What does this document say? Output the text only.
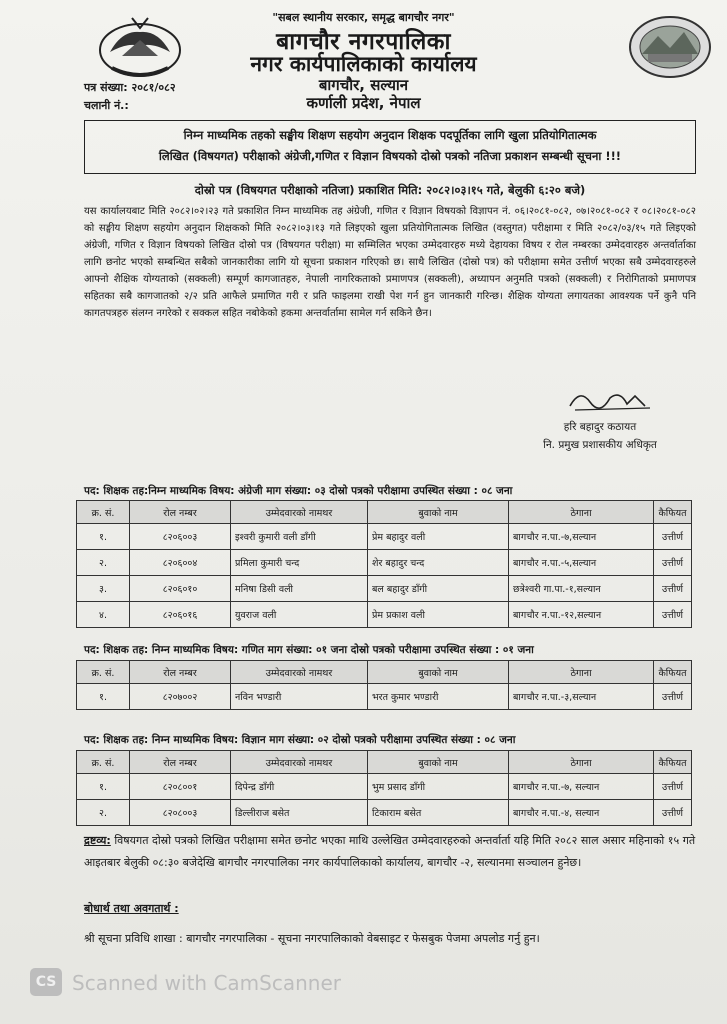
"सबल स्थानीय सरकार, समृद्ध बागचौर नगर"
बागचौर नगरपालिका
नगर कार्यपालिकाको कार्यालय
बागचौर, सल्यान
कर्णाली प्रदेश, नेपाल
पत्र संख्या: २०८१/०८२
चलानी नं.:
निम्न माध्यमिक तहको सङ्घीय शिक्षण सहयोग अनुदान शिक्षक पदपूर्तिका लागि खुला प्रतियोगितात्मक
लिखित (विषयगत) परीक्षाको अंग्रेजी,गणित र विज्ञान विषयको दोस्रो पत्रको नतिजा प्रकाशन सम्बन्धी सूचना !!!
दोस्रो पत्र (विषयगत परीक्षाको नतिजा) प्रकाशित मिति: २०८२।०३।१५ गते, बेलुकी ६:२० बजे)
यस कार्यालयबाट मिति २०८२।०२।२३ गते प्रकाशित निम्न माध्यमिक तह अंग्रेजी, गणित र विज्ञान विषयको विज्ञापन नं. ०६।२०८१-०८२, ०७।२०८१-०८२ र ०८।२०८१-०८२ को सङ्घीय शिक्षण सहयोग अनुदान शिक्षकको मिति २०८२।०३।१३ गते लिइएको खुला प्रतियोगितात्मक लिखित (वस्तुगत) परीक्षामा र मिति २०८२/०३/१५ गते लिइएको अंग्रेजी, गणित र विज्ञान विषयको लिखित दोस्रो पत्र (विषयगत परीक्षा) मा सम्मिलित भएका उम्मेदवारहरु मध्ये देहायका विषय र रोल नम्बरका उम्मेदवारहरु अन्तर्वार्ताका लागि छनोट भएको सम्बन्धित सबैको जानकारीका लागि यो सूचना प्रकाशन गरिएको छ। साथै लिखित (दोस्रो पत्र) को परीक्षामा समेत उत्तीर्ण भएका सबै उम्मेदवारहरुले आफ्नो शैक्षिक योग्यताको (सक्कली) सम्पूर्ण कागजातहरु, नेपाली नागरिकताको प्रमाणपत्र (सक्कली), अध्यापन अनुमति पत्रको (सक्कली) र निरोगिताको प्रमाणपत्र सहितका सबै कागजातको २/२ प्रति आफैले प्रमाणित गरी र प्रति फाइलमा राखी पेश गर्न हुन जानकारी गरिन्छ। शैक्षिक योग्यता लगायतका आवश्यक पर्ने कुनै पनि कागतपत्रहरु संलग्न नगरेको र सक्कल सहित नबोकेको हकमा अन्तर्वार्तामा सामेल गर्न सकिने छैन।
हरि बहादुर कठायत
नि. प्रमुख प्रशासकीय अधिकृत
पद: शिक्षक तह:निम्न माध्यमिक विषय: अंग्रेजी माग संख्या: ०३ दोस्रो पत्रको परीक्षामा उपस्थित संख्या : ०८ जना
क्र. सं.	रोल नम्बर	उम्मेदवारको नामथर	बुवाको नाम	ठेगाना	कैफियत
१.	८२०६००३	इश्वरी कुमारी वली डाँगी	प्रेम बहादुर वली	बागचौर न.पा.-७,सल्यान	उत्तीर्ण
२.	८२०६००४	प्रमिला कुमारी चन्द	शेर बहादुर चन्द	बागचौर न.पा.-५,सल्यान	उत्तीर्ण
३.	८२०६०१०	मनिषा डिसी वली	बल बहादुर डाँगी	छत्रेश्वरी गा.पा.-१,सल्यान	उत्तीर्ण
४.	८२०६०१६	युवराज वली	प्रेम प्रकाश वली	बागचौर न.पा.-१२,सल्यान	उत्तीर्ण
पद: शिक्षक तह: निम्न माध्यमिक विषय: गणित माग संख्या: ०१ जना दोस्रो पत्रको परीक्षामा उपस्थित संख्या : ०१ जना
क्र. सं.	रोल नम्बर	उम्मेदवारको नामथर	बुवाको नाम	ठेगाना	कैफियत
१.	८२०७००२	नविन भण्डारी	भरत कुमार भण्डारी	बागचौर न.पा.-३,सल्यान	उत्तीर्ण
पद: शिक्षक तह: निम्न माध्यमिक विषय: विज्ञान माग संख्या: ०२ दोस्रो पत्रको परीक्षामा उपस्थित संख्या : ०८ जना
क्र. सं.	रोल नम्बर	उम्मेदवारको नामथर	बुवाको नाम	ठेगाना	कैफियत
१.	८२०८००१	दिपेन्द्र डाँगी	भुम प्रसाद डाँगी	बागचौर न.पा.-७, सल्यान	उत्तीर्ण
२.	८२०८००३	डिल्लीराज बसेत	टिकाराम बसेत	बागचौर न.पा.-४, सल्यान	उत्तीर्ण
द्रष्टव्य: विषयगत दोस्रो पत्रको लिखित परीक्षामा समेत छनोट भएका माथि उल्लेखित उम्मेदवारहरुको अन्तर्वार्ता यहि मिति २०८२ साल असार महिनाको १५ गते आइतबार बेलुकी ०८:३० बजेदेखि बागचौर नगरपालिका नगर कार्यपालिकाको कार्यालय, बागचौर -२, सल्यानमा सञ्चालन हुनेछ।
बोधार्थ तथा अवगतार्थ :
श्री सूचना प्रविधि शाखा : बागचौर नगरपालिका - सूचना नगरपालिकाको वेबसाइट र फेसबुक पेजमा अपलोड गर्नु हुन।
CS Scanned with CamScanner
